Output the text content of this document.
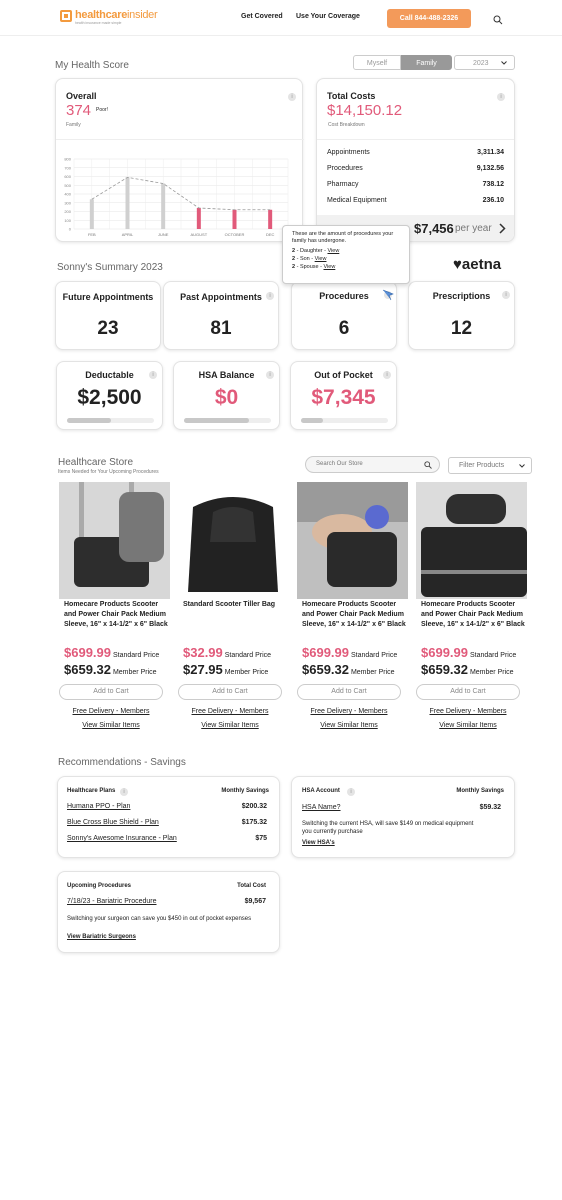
healthcareinsider
health insurance made simple
Get Covered Use Your Coverage	Call 844-488-2326
My Health Score	Myself	Family	2023
Overall
374 Poor!
Family
i
0
100
200
300
400
500
600
700
800
FEB	APRIL	JUNE	AUGUST	OCTOBER	DEC
Total Costs
$14,150.12
Cost Breakdown
i
Appointments	3,311.34
Procedures	9,132.56
Pharmacy	738.12
Medical Equipment	236.10
$7,456 per year
Sonny's Summary 2023	♥aetna
Future Appointments
23
Past Appointments
81
i	Procedures
6
Prescriptions
12
i
These are the amount of procedures your family has undergone.
2 - Daughter - View
2 - Son - View
2 - Spouse - View
Deductable
$2,500
i	HSA Balance
$0
i	Out of Pocket
$7,345
i
Healthcare Store
Items Needed for Your Upcoming Procedures
Search Our Store	Filter Products
Homecare Products Scooter and Power Chair Pack Medium Sleeve, 16" x 14-1/2" x 6" Black
$699.99 Standard Price
$659.32 Member Price
Add to Cart
Free Delivery - Members
View Similar Items
Standard Scooter Tiller Bag
$32.99 Standard Price
$27.95 Member Price
Add to Cart
Free Delivery - Members
View Similar Items
Homecare Products Scooter and Power Chair Pack Medium Sleeve, 16" x 14-1/2" x 6" Black
$699.99 Standard Price
$659.32 Member Price
Add to Cart
Free Delivery - Members
View Similar Items
Homecare Products Scooter and Power Chair Pack Medium Sleeve, 16" x 14-1/2" x 6" Black
$699.99 Standard Price
$659.32 Member Price
Add to Cart
Free Delivery - Members
View Similar Items
Recommendations - Savings
Healthcare Plans	i	Monthly Savings
Humana PPO - Plan	$200.32
Blue Cross Blue Shield - Plan	$175.32
Sonny's Awesome Insurance - Plan	$75
HSA Account	i	Monthly Savings
HSA Name?	$59.32
Switching the current HSA, will save $149 on medical equipment you currently purchase
View HSA's
Upcoming Procedures	Total Cost
7/18/23 - Bariatric Procedure	$9,567
Switching your surgeon can save you $450 in out of pocket expenses
View Bariatric Surgeons
